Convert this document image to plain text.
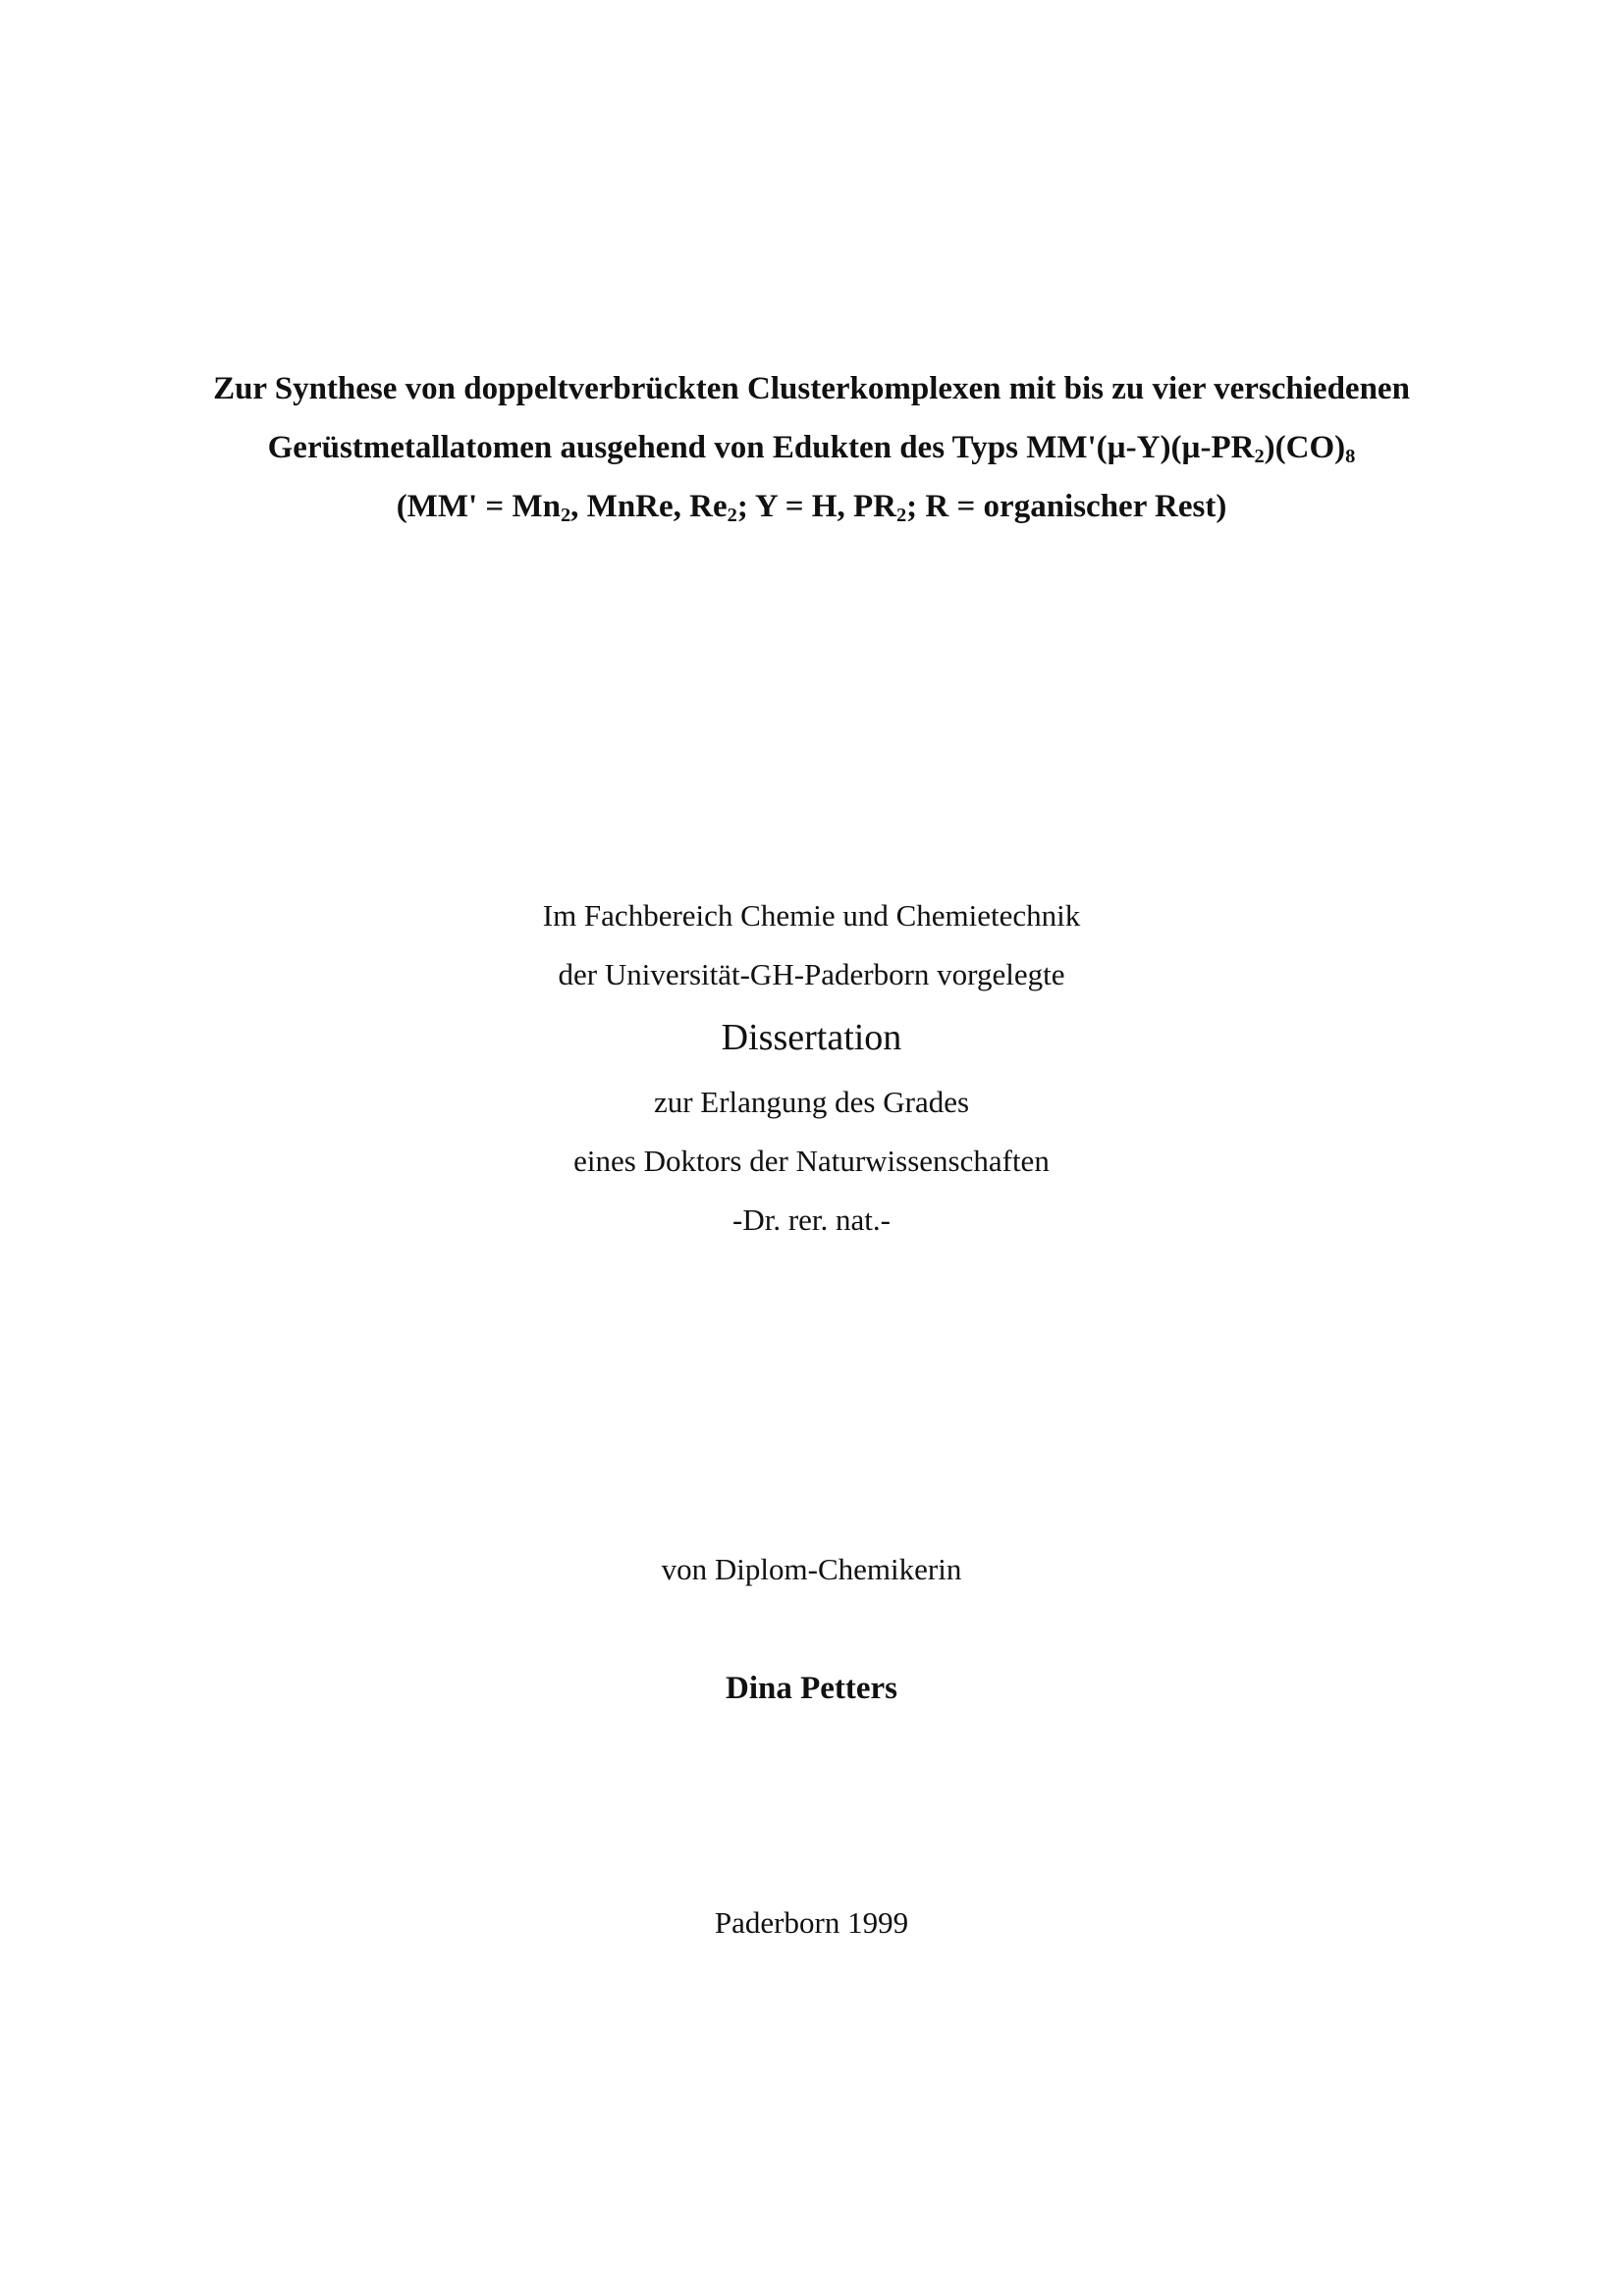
Zur Synthese von doppeltverbrückten Clusterkomplexen mit bis zu vier verschiedenen
Gerüstmetallatomen ausgehend von Edukten des Typs $MM'(\mu-Y)(\mu-PR_2)(CO)_8$
($MM' = Mn_2$, MnRe, $Re_2$; Y = H, $PR_2$; R = organischer Rest)
Im Fachbereich Chemie und Chemietechnik
der Universität-GH-Paderborn vorgelegte
Dissertation
zur Erlangung des Grades
eines Doktors der Naturwissenschaften
-Dr. rer. nat.-
von Diplom-Chemikerin
Dina Petters
Paderborn 1999
